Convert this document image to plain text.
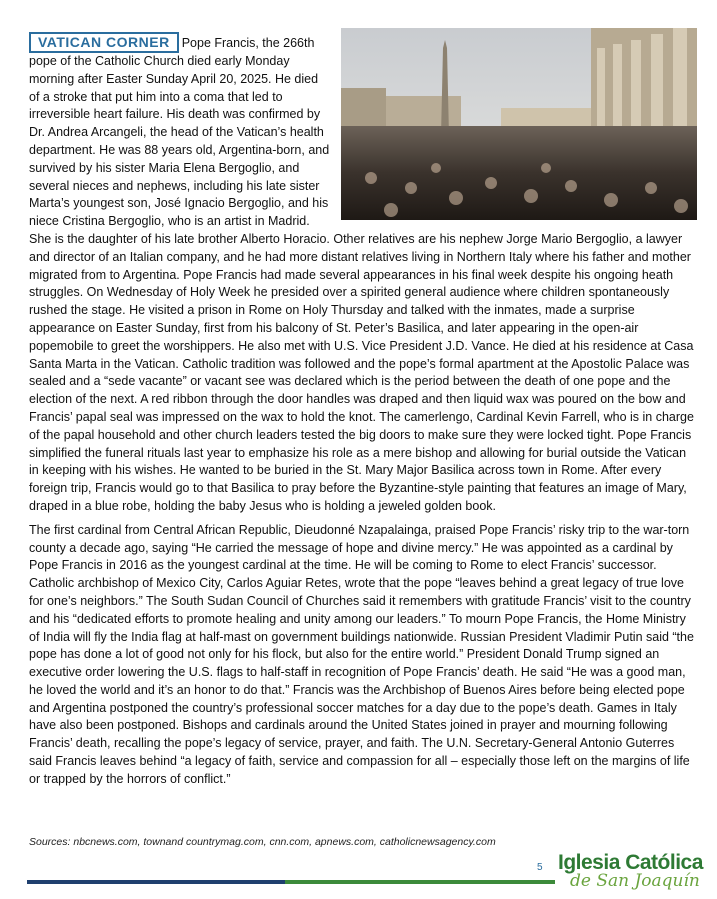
VATICAN CORNER Pope Francis, the 266th pope of the Catholic Church died early Monday morning after Easter Sunday April 20, 2025. He died of a stroke that put him into a coma that led to irreversible heart failure. His death was confirmed by Dr. Andrea Arcangeli, the head of the Vatican’s health department. He was 88 years old, Argentina-born, and survived by his sister Maria Elena Bergoglio, and several nieces and nephews, including his late sister Marta’s youngest son, José Ignacio Bergoglio, and his niece Cristina Bergoglio, who is an artist in Madrid. She is the daughter of his late brother Alberto Horacio. Other relatives are his nephew Jorge Mario Bergoglio, a lawyer and director of an Italian company, and he had more distant relatives living in Northern Italy where his father and mother migrated from to Argentina. Pope Francis had made several appearances in his final week despite his ongoing heath struggles. On Wednesday of Holy Week he presided over a spirited general audience where children spontaneously rushed the stage. He visited a prison in Rome on Holy Thursday and talked with the inmates, made a surprise appearance on Easter Sunday, first from his balcony of St. Peter’s Basilica, and later appearing in the open-air popemobile to greet the worshippers. He also met with U.S. Vice President J.D. Vance. He died at his residence at Casa Santa Marta in the Vatican. Catholic tradition was followed and the pope’s formal apartment at the Apostolic Palace was sealed and a “sede vacante” or vacant see was declared which is the period between the death of one pope and the election of the next. A red ribbon through the door handles was draped and then liquid wax was poured on the bow and Francis’ papal seal was impressed on the wax to hold the knot. The camerlengo, Cardinal Kevin Farrell, who is in charge of the papal household and other church leaders tested the big doors to make sure they were locked tight. Pope Francis simplified the funeral rituals last year to emphasize his role as a mere bishop and allowing for burial outside the Vatican in keeping with his wishes. He wanted to be buried in the St. Mary Major Basilica across town in Rome. After every foreign trip, Francis would go to that Basilica to pray before the Byzantine-style painting that features an image of Mary, draped in a blue robe, holding the baby Jesus who is holding a jeweled golden book.

The first cardinal from Central African Republic, Dieudonné Nzapalainga, praised Pope Francis’ risky trip to the war-torn county a decade ago, saying “He carried the message of hope and divine mercy.” He was appointed as a cardinal by Pope Francis in 2016 as the youngest cardinal at the time. He will be coming to Rome to elect Francis’ successor. Catholic archbishop of Mexico City, Carlos Aguiar Retes, wrote that the pope “leaves behind a great legacy of true love for one’s neighbors.” The South Sudan Council of Churches said it remembers with gratitude Francis’ visit to the country and his “dedicated efforts to promote healing and unity among our leaders.” To mourn Pope Francis, the Home Ministry of India will fly the India flag at half-mast on government buildings nationwide. Russian President Vladimir Putin said “the pope has done a lot of good not only for his flock, but also for the entire world.” President Donald Trump signed an executive order lowering the U.S. flags to half-staff in recognition of Pope Francis’ death. He said “He was a good man, he loved the world and it’s an honor to do that.” Francis was the Archbishop of Buenos Aires before being elected pope and Argentina postponed the country’s professional soccer matches for a day due to the pope’s death. Games in Italy have also been postponed. Bishops and cardinals around the United States joined in prayer and mourning following Francis’ death, recalling the pope’s legacy of service, prayer, and faith. The U.N. Secretary-General Antonio Guterres said Francis leaves behind “a legacy of faith, service and compassion for all – especially those left on the margins of life or trapped by the horrors of conflict.”

Sources: nbcnews.com, townand countrymag.com, cnn.com, apnews.com, catholicnewsagency.com
5 Iglesia Católica
de San Joaquín
